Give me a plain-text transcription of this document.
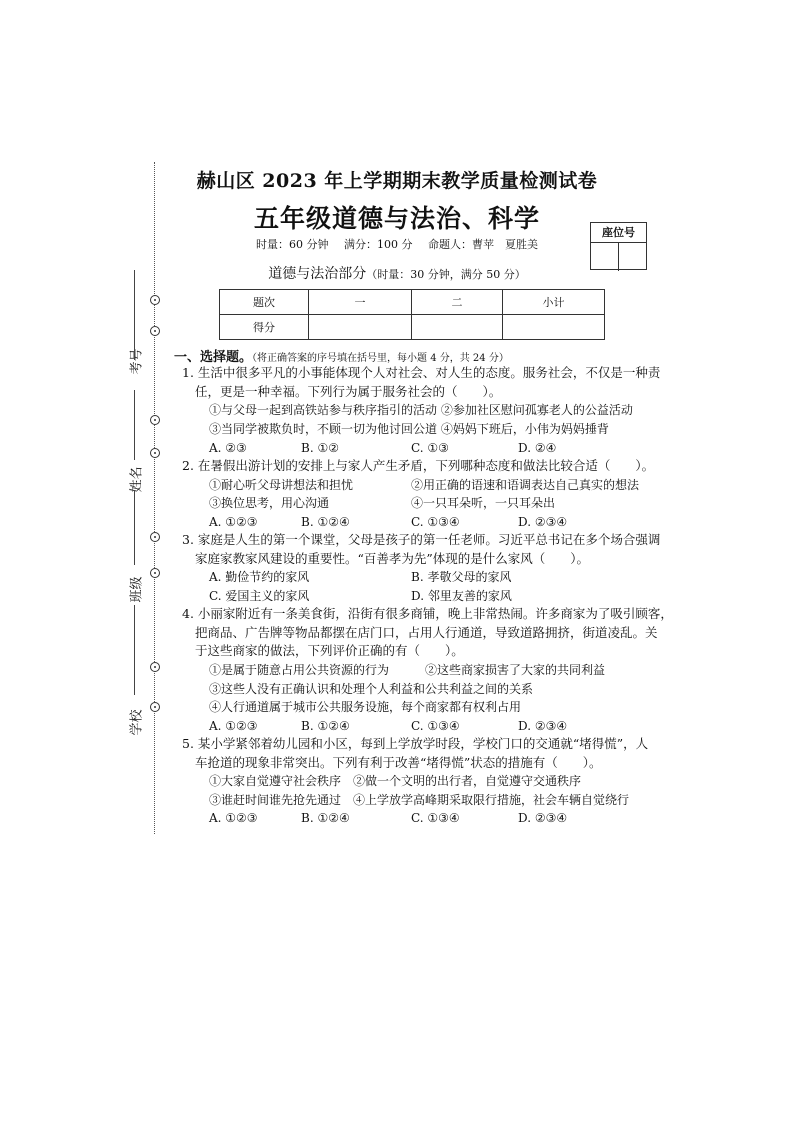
赫山区 2023 年上学期期末教学质量检测试卷
五年级道德与法治、科学
时量：60 分钟 满分：100 分 命题人：曹苹　夏胜美
座位号
道德与法治部分（时量：30 分钟，满分 50 分）
题次	一	二	小计
得分			
考号
姓名
班级
学校
一、选择题。（将正确答案的序号填在括号里，每小题 4 分，共 24 分）
1. 生活中很多平凡的小事能体现个人对社会、对人生的态度。服务社会，不仅是一种责
任，更是一种幸福。下列行为属于服务社会的（　　）。
①与父母一起到高铁站参与秩序指引的活动 ②参加社区慰问孤寡老人的公益活动
③当同学被欺负时，不顾一切为他讨回公道 ④妈妈下班后，小伟为妈妈捶背
A. ②③	B. ①②	C. ①③	D. ②④
2. 在暑假出游计划的安排上与家人产生矛盾，下列哪种态度和做法比较合适（　　）。
①耐心听父母讲想法和担忧	②用正确的语速和语调表达自己真实的想法
③换位思考，用心沟通	④一只耳朵听，一只耳朵出
A. ①②③	B. ①②④	C. ①③④	D. ②③④
3. 家庭是人生的第一个课堂，父母是孩子的第一任老师。习近平总书记在多个场合强调
家庭家教家风建设的重要性。“百善孝为先”体现的是什么家风（　　）。
A. 勤俭节约的家风	B. 孝敬父母的家风
C. 爱国主义的家风	D. 邻里友善的家风
4. 小丽家附近有一条美食街，沿街有很多商铺，晚上非常热闹。许多商家为了吸引顾客，
把商品、广告牌等物品都摆在店门口，占用人行通道，导致道路拥挤，街道凌乱。关
于这些商家的做法，下列评价正确的有（　　）。
①是属于随意占用公共资源的行为　　　②这些商家损害了大家的共同利益
③这些人没有正确认识和处理个人利益和公共利益之间的关系
④人行通道属于城市公共服务设施，每个商家都有权利占用
A. ①②③	B. ①②④	C. ①③④	D. ②③④
5. 某小学紧邻着幼儿园和小区，每到上学放学时段，学校门口的交通就“堵得慌”，人
车抢道的现象非常突出。下列有利于改善“堵得慌”状态的措施有（　　）。
①大家自觉遵守社会秩序　②做一个文明的出行者，自觉遵守交通秩序
③谁赶时间谁先抢先通过　④上学放学高峰期采取限行措施，社会车辆自觉绕行
A. ①②③	B. ①②④	C. ①③④	D. ②③④
